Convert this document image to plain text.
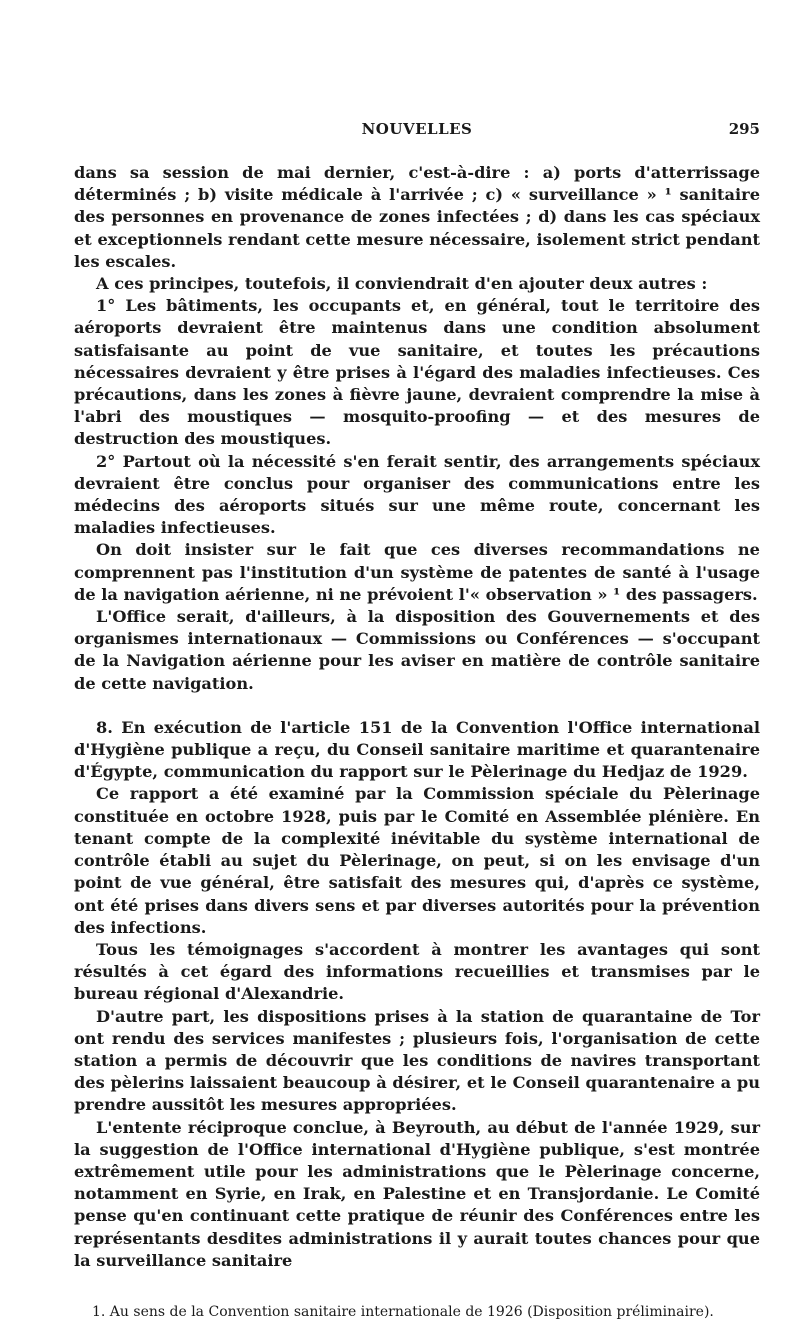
NOUVELLES	295

dans sa session de mai dernier, c'est-à-dire : a) ports d'atterrissage déterminés ; b) visite médicale à l'arrivée ; c) « surveillance » ¹ sanitaire des personnes en provenance de zones infectées ; d) dans les cas spéciaux et exceptionnels rendant cette mesure nécessaire, isolement strict pendant les escales.

A ces principes, toutefois, il conviendrait d'en ajouter deux autres :

1° Les bâtiments, les occupants et, en général, tout le territoire des aéroports devraient être maintenus dans une condition absolument satisfaisante au point de vue sanitaire, et toutes les précautions nécessaires devraient y être prises à l'égard des maladies infectieuses. Ces précautions, dans les zones à fièvre jaune, devraient comprendre la mise à l'abri des moustiques — mosquito-proofing — et des mesures de destruction des moustiques.

2° Partout où la nécessité s'en ferait sentir, des arrangements spéciaux devraient être conclus pour organiser des communications entre les médecins des aéroports situés sur une même route, concernant les maladies infectieuses.

On doit insister sur le fait que ces diverses recommandations ne comprennent pas l'institution d'un système de patentes de santé à l'usage de la navigation aérienne, ni ne prévoient l'« observation » ¹ des passagers.

L'Office serait, d'ailleurs, à la disposition des Gouvernements et des organismes internationaux — Commissions ou Conférences — s'occupant de la Navigation aérienne pour les aviser en matière de contrôle sanitaire de cette navigation.

8. En exécution de l'article 151 de la Convention l'Office international d'Hygiène publique a reçu, du Conseil sanitaire maritime et quarantenaire d'Égypte, communication du rapport sur le Pèlerinage du Hedjaz de 1929.

Ce rapport a été examiné par la Commission spéciale du Pèlerinage constituée en octobre 1928, puis par le Comité en Assemblée plénière. En tenant compte de la complexité inévitable du système international de contrôle établi au sujet du Pèlerinage, on peut, si on les envisage d'un point de vue général, être satisfait des mesures qui, d'après ce système, ont été prises dans divers sens et par diverses autorités pour la prévention des infections.

Tous les témoignages s'accordent à montrer les avantages qui sont résultés à cet égard des informations recueillies et transmises par le bureau régional d'Alexandrie.

D'autre part, les dispositions prises à la station de quarantaine de Tor ont rendu des services manifestes ; plusieurs fois, l'organisation de cette station a permis de découvrir que les conditions de navires transportant des pèlerins laissaient beaucoup à désirer, et le Conseil quarantenaire a pu prendre aussitôt les mesures appropriées.

L'entente réciproque conclue, à Beyrouth, au début de l'année 1929, sur la suggestion de l'Office international d'Hygiène publique, s'est montrée extrêmement utile pour les administrations que le Pèlerinage concerne, notamment en Syrie, en Irak, en Palestine et en Transjordanie. Le Comité pense qu'en continuant cette pratique de réunir des Conférences entre les représentants desdites administrations il y aurait toutes chances pour que la surveillance sanitaire

1. Au sens de la Convention sanitaire internationale de 1926 (Disposition préliminaire).
